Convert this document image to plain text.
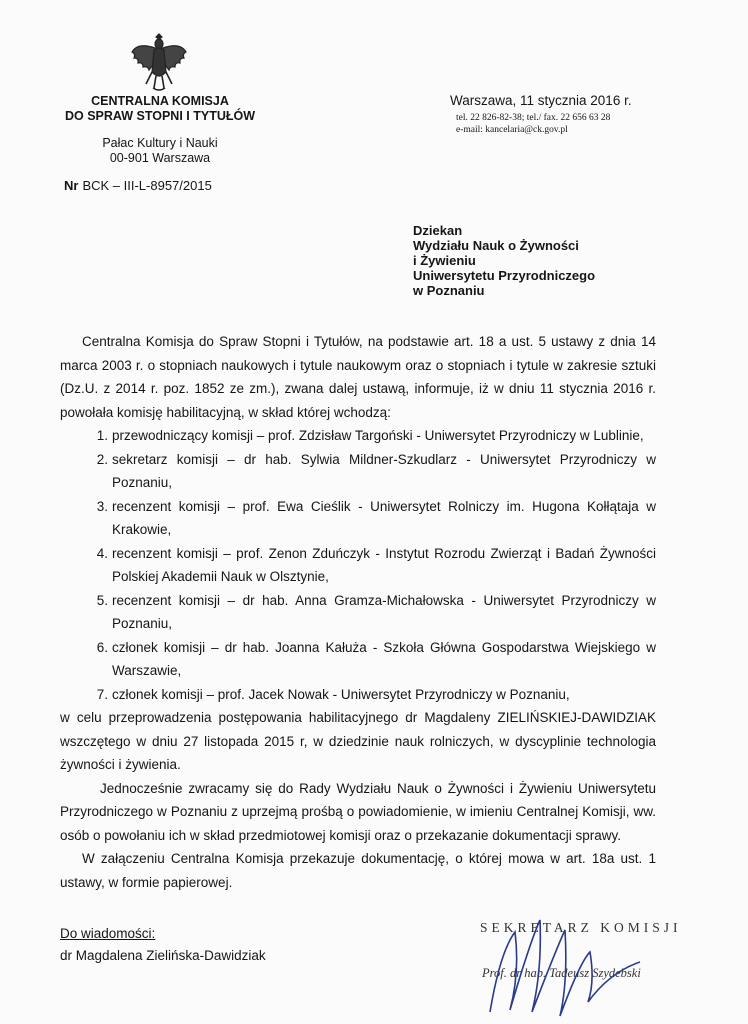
CENTRALNA KOMISJA
DO SPRAW STOPNI I TYTUŁÓW
Pałac Kultury i Nauki
00-901 Warszawa
Nr BCK – III-L-8957/2015
Warszawa, 11 stycznia 2016 r.
tel. 22 826-82-38; tel./ fax. 22 656 63 28
e-mail: kancelaria@ck.gov.pl
Dziekan
Wydziału Nauk o Żywności
i Żywieniu
Uniwersytetu Przyrodniczego
w Poznaniu

Centralna Komisja do Spraw Stopni i Tytułów, na podstawie art. 18 a ust. 5 ustawy z dnia 14 marca 2003 r. o stopniach naukowych i tytule naukowym oraz o stopniach i tytule w zakresie sztuki (Dz.U. z 2014 r. poz. 1852 ze zm.), zwana dalej ustawą, informuje, iż w dniu 11 stycznia 2016 r. powołała komisję habilitacyjną, w skład której wchodzą:

1. przewodniczący komisji – prof. Zdzisław Targoński - Uniwersytet Przyrodniczy w Lublinie,
2. sekretarz komisji – dr hab. Sylwia Mildner-Szkudlarz - Uniwersytet Przyrodniczy w Poznaniu,
3. recenzent komisji – prof. Ewa Cieślik - Uniwersytet Rolniczy im. Hugona Kołłątaja w Krakowie,
4. recenzent komisji – prof. Zenon Zduńczyk - Instytut Rozrodu Zwierząt i Badań Żywności Polskiej Akademii Nauk w Olsztynie,
5. recenzent komisji – dr hab. Anna Gramza-Michałowska - Uniwersytet Przyrodniczy w Poznaniu,
6. członek komisji – dr hab. Joanna Kałuża - Szkoła Główna Gospodarstwa Wiejskiego w Warszawie,
7. członek komisji – prof. Jacek Nowak - Uniwersytet Przyrodniczy w Poznaniu,

w celu przeprowadzenia postępowania habilitacyjnego dr Magdaleny ZIELIŃSKIEJ-DAWIDZIAK wszczętego w dniu 27 listopada 2015 r, w dziedzinie nauk rolniczych, w dyscyplinie technologia żywności i żywienia.

Jednocześnie zwracamy się do Rady Wydziału Nauk o Żywności i Żywieniu Uniwersytetu Przyrodniczego w Poznaniu z uprzejmą prośbą o powiadomienie, w imieniu Centralnej Komisji, ww. osób o powołaniu ich w skład przedmiotowej komisji oraz o przekazanie dokumentacji sprawy.

W załączeniu Centralna Komisja przekazuje dokumentację, o której mowa w art. 18a ust. 1 ustawy, w formie papierowej.

Do wiadomości:
dr Magdalena Zielińska-Dawidziak
SEKRETARZ KOMISJI
Prof. dr hab. Tadeusz Szydebski
